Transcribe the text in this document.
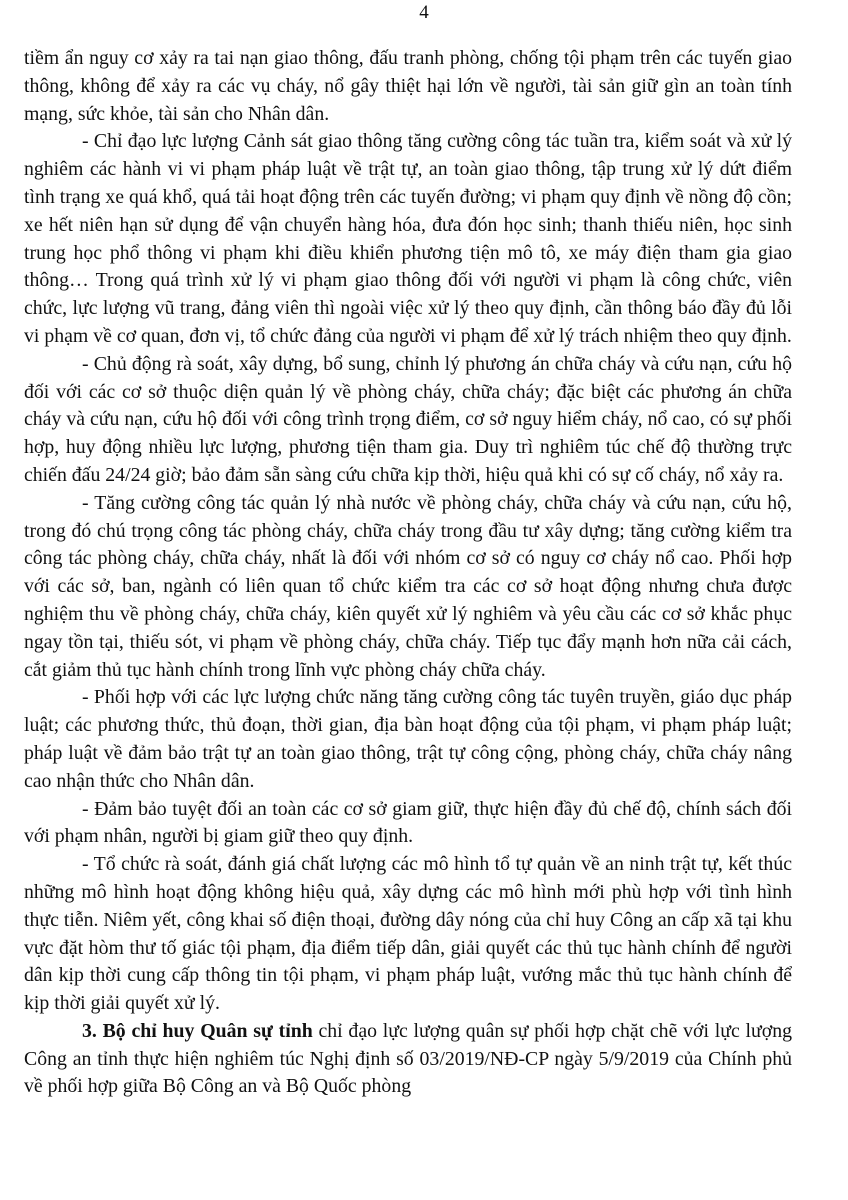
4

tiềm ẩn nguy cơ xảy ra tai nạn giao thông, đấu tranh phòng, chống tội phạm trên các tuyến giao thông, không để xảy ra các vụ cháy, nổ gây thiệt hại lớn về người, tài sản giữ gìn an toàn tính mạng, sức khỏe, tài sản cho Nhân dân.

- Chỉ đạo lực lượng Cảnh sát giao thông tăng cường công tác tuần tra, kiểm soát và xử lý nghiêm các hành vi vi phạm pháp luật về trật tự, an toàn giao thông, tập trung xử lý dứt điểm tình trạng xe quá khổ, quá tải hoạt động trên các tuyến đường; vi phạm quy định về nồng độ cồn; xe hết niên hạn sử dụng để vận chuyển hàng hóa, đưa đón học sinh; thanh thiếu niên, học sinh trung học phổ thông vi phạm khi điều khiển phương tiện mô tô, xe máy điện tham gia giao thông… Trong quá trình xử lý vi phạm giao thông đối với người vi phạm là công chức, viên chức, lực lượng vũ trang, đảng viên thì ngoài việc xử lý theo quy định, cần thông báo đầy đủ lỗi vi phạm về cơ quan, đơn vị, tổ chức đảng của người vi phạm để xử lý trách nhiệm theo quy định.

- Chủ động rà soát, xây dựng, bổ sung, chỉnh lý phương án chữa cháy và cứu nạn, cứu hộ đối với các cơ sở thuộc diện quản lý về phòng cháy, chữa cháy; đặc biệt các phương án chữa cháy và cứu nạn, cứu hộ đối với công trình trọng điểm, cơ sở nguy hiểm cháy, nổ cao, có sự phối hợp, huy động nhiều lực lượng, phương tiện tham gia. Duy trì nghiêm túc chế độ thường trực chiến đấu 24/24 giờ; bảo đảm sẵn sàng cứu chữa kịp thời, hiệu quả khi có sự cố cháy, nổ xảy ra.

- Tăng cường công tác quản lý nhà nước về phòng cháy, chữa cháy và cứu nạn, cứu hộ, trong đó chú trọng công tác phòng cháy, chữa cháy trong đầu tư xây dựng; tăng cường kiểm tra công tác phòng cháy, chữa cháy, nhất là đối với nhóm cơ sở có nguy cơ cháy nổ cao. Phối hợp với các sở, ban, ngành có liên quan tổ chức kiểm tra các cơ sở hoạt động nhưng chưa được nghiệm thu về phòng cháy, chữa cháy, kiên quyết xử lý nghiêm và yêu cầu các cơ sở khắc phục ngay tồn tại, thiếu sót, vi phạm về phòng cháy, chữa cháy. Tiếp tục đẩy mạnh hơn nữa cải cách, cắt giảm thủ tục hành chính trong lĩnh vực phòng cháy chữa cháy.

- Phối hợp với các lực lượng chức năng tăng cường công tác tuyên truyền, giáo dục pháp luật; các phương thức, thủ đoạn, thời gian, địa bàn hoạt động của tội phạm, vi phạm pháp luật; pháp luật về đảm bảo trật tự an toàn giao thông, trật tự công cộng, phòng cháy, chữa cháy nâng cao nhận thức cho Nhân dân.

- Đảm bảo tuyệt đối an toàn các cơ sở giam giữ, thực hiện đầy đủ chế độ, chính sách đối với phạm nhân, người bị giam giữ theo quy định.

- Tổ chức rà soát, đánh giá chất lượng các mô hình tổ tự quản về an ninh trật tự, kết thúc những mô hình hoạt động không hiệu quả, xây dựng các mô hình mới phù hợp với tình hình thực tiễn. Niêm yết, công khai số điện thoại, đường dây nóng của chỉ huy Công an cấp xã tại khu vực đặt hòm thư tố giác tội phạm, địa điểm tiếp dân, giải quyết các thủ tục hành chính để người dân kịp thời cung cấp thông tin tội phạm, vi phạm pháp luật, vướng mắc thủ tục hành chính để kịp thời giải quyết xử lý.

3. Bộ chỉ huy Quân sự tỉnh chỉ đạo lực lượng quân sự phối hợp chặt chẽ với lực lượng Công an tỉnh thực hiện nghiêm túc Nghị định số 03/2019/NĐ-CP ngày 5/9/2019 của Chính phủ về phối hợp giữa Bộ Công an và Bộ Quốc phòng
